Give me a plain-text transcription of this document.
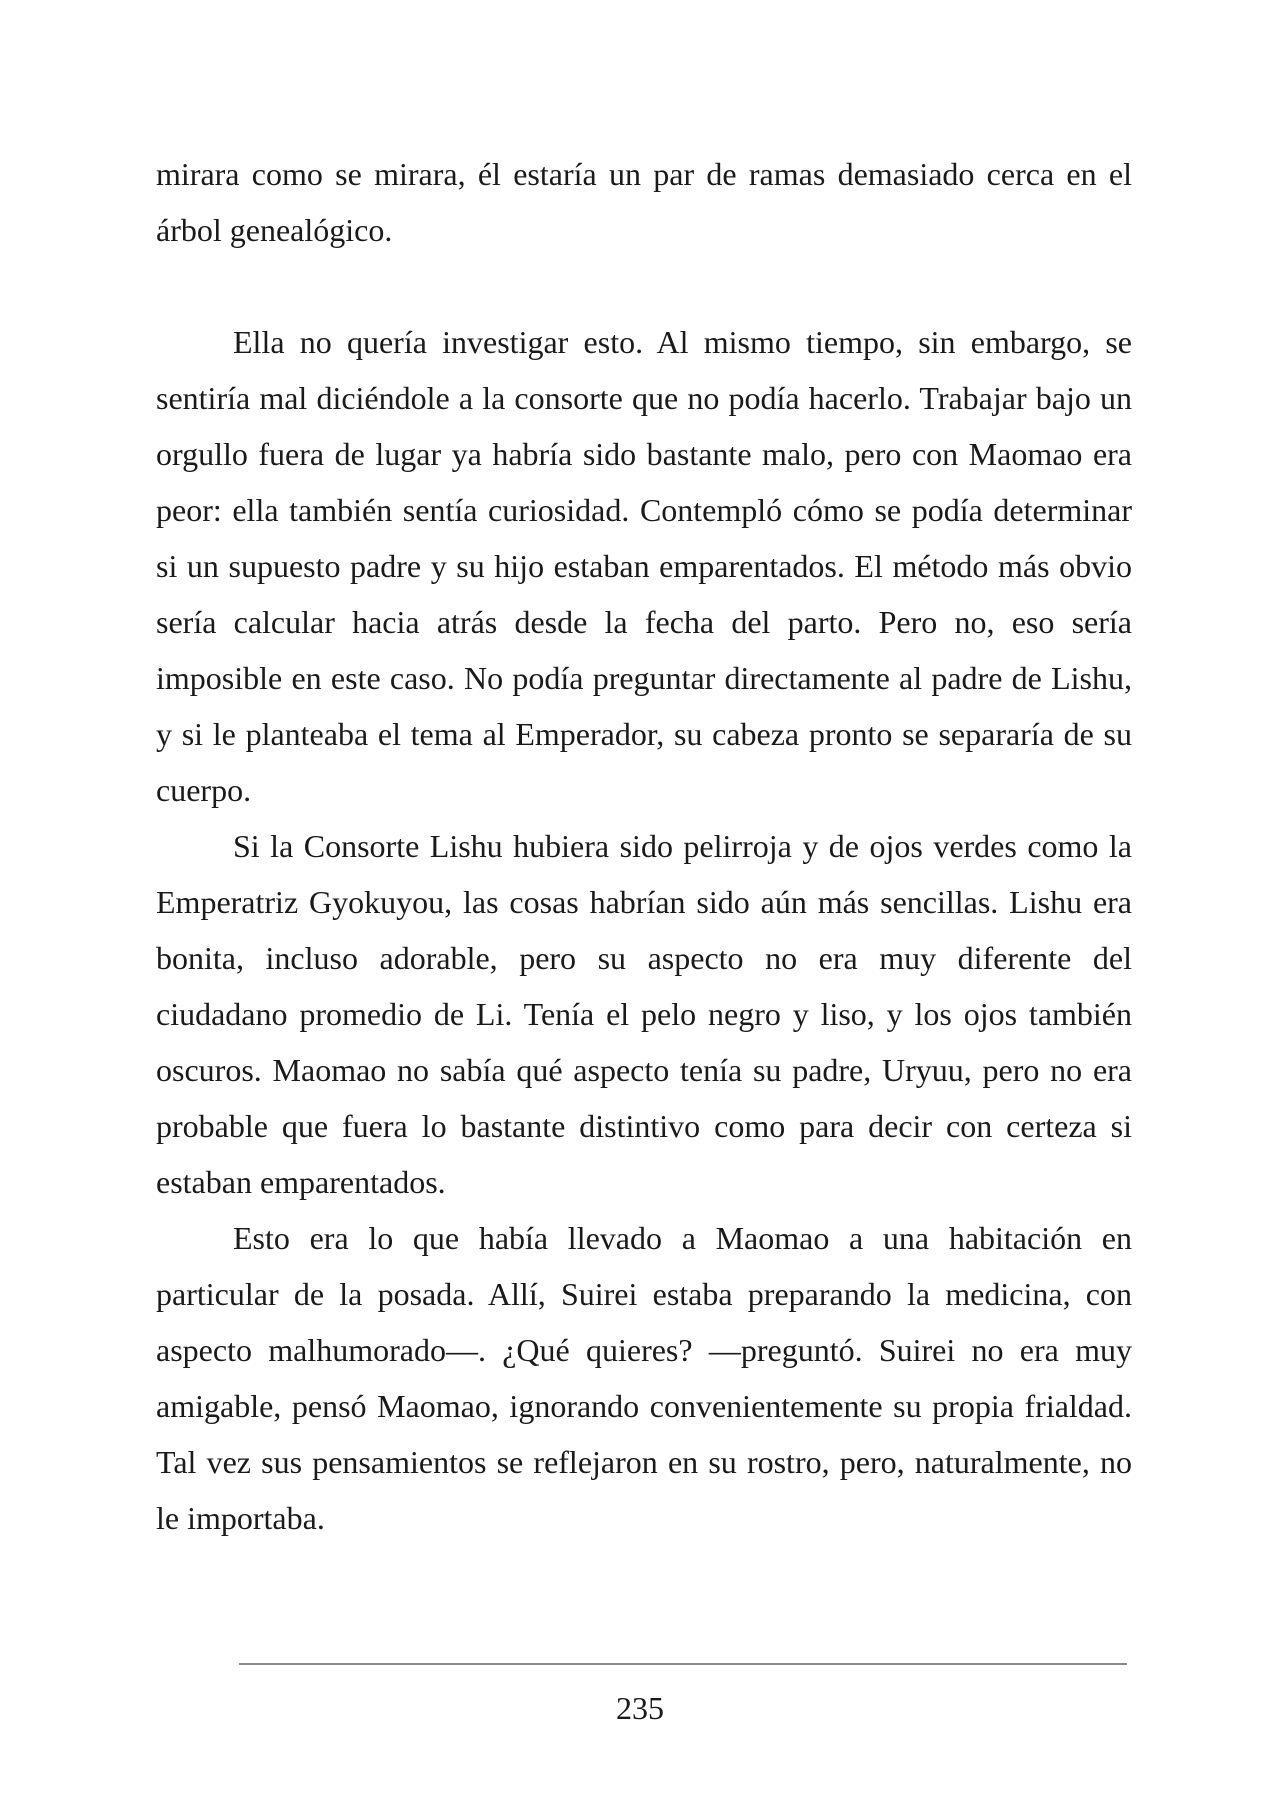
mirara como se mirara, él estaría un par de ramas demasiado cerca en el árbol genealógico.

Ella no quería investigar esto. Al mismo tiempo, sin embargo, se sentiría mal diciéndole a la consorte que no podía hacerlo. Trabajar bajo un orgullo fuera de lugar ya habría sido bastante malo, pero con Maomao era peor: ella también sentía curiosidad. Contempló cómo se podía determinar si un supuesto padre y su hijo estaban emparentados. El método más obvio sería calcular hacia atrás desde la fecha del parto. Pero no, eso sería imposible en este caso. No podía preguntar directamente al padre de Lishu, y si le planteaba el tema al Emperador, su cabeza pronto se separaría de su cuerpo.

Si la Consorte Lishu hubiera sido pelirroja y de ojos verdes como la Emperatriz Gyokuyou, las cosas habrían sido aún más sencillas. Lishu era bonita, incluso adorable, pero su aspecto no era muy diferente del ciudadano promedio de Li. Tenía el pelo negro y liso, y los ojos también oscuros. Maomao no sabía qué aspecto tenía su padre, Uryuu, pero no era probable que fuera lo bastante distintivo como para decir con certeza si estaban emparentados.

Esto era lo que había llevado a Maomao a una habitación en particular de la posada. Allí, Suirei estaba preparando la medicina, con aspecto malhumorado—. ¿Qué quieres? —preguntó. Suirei no era muy amigable, pensó Maomao, ignorando convenientemente su propia frialdad. Tal vez sus pensamientos se reflejaron en su rostro, pero, naturalmente, no le importaba.

235
